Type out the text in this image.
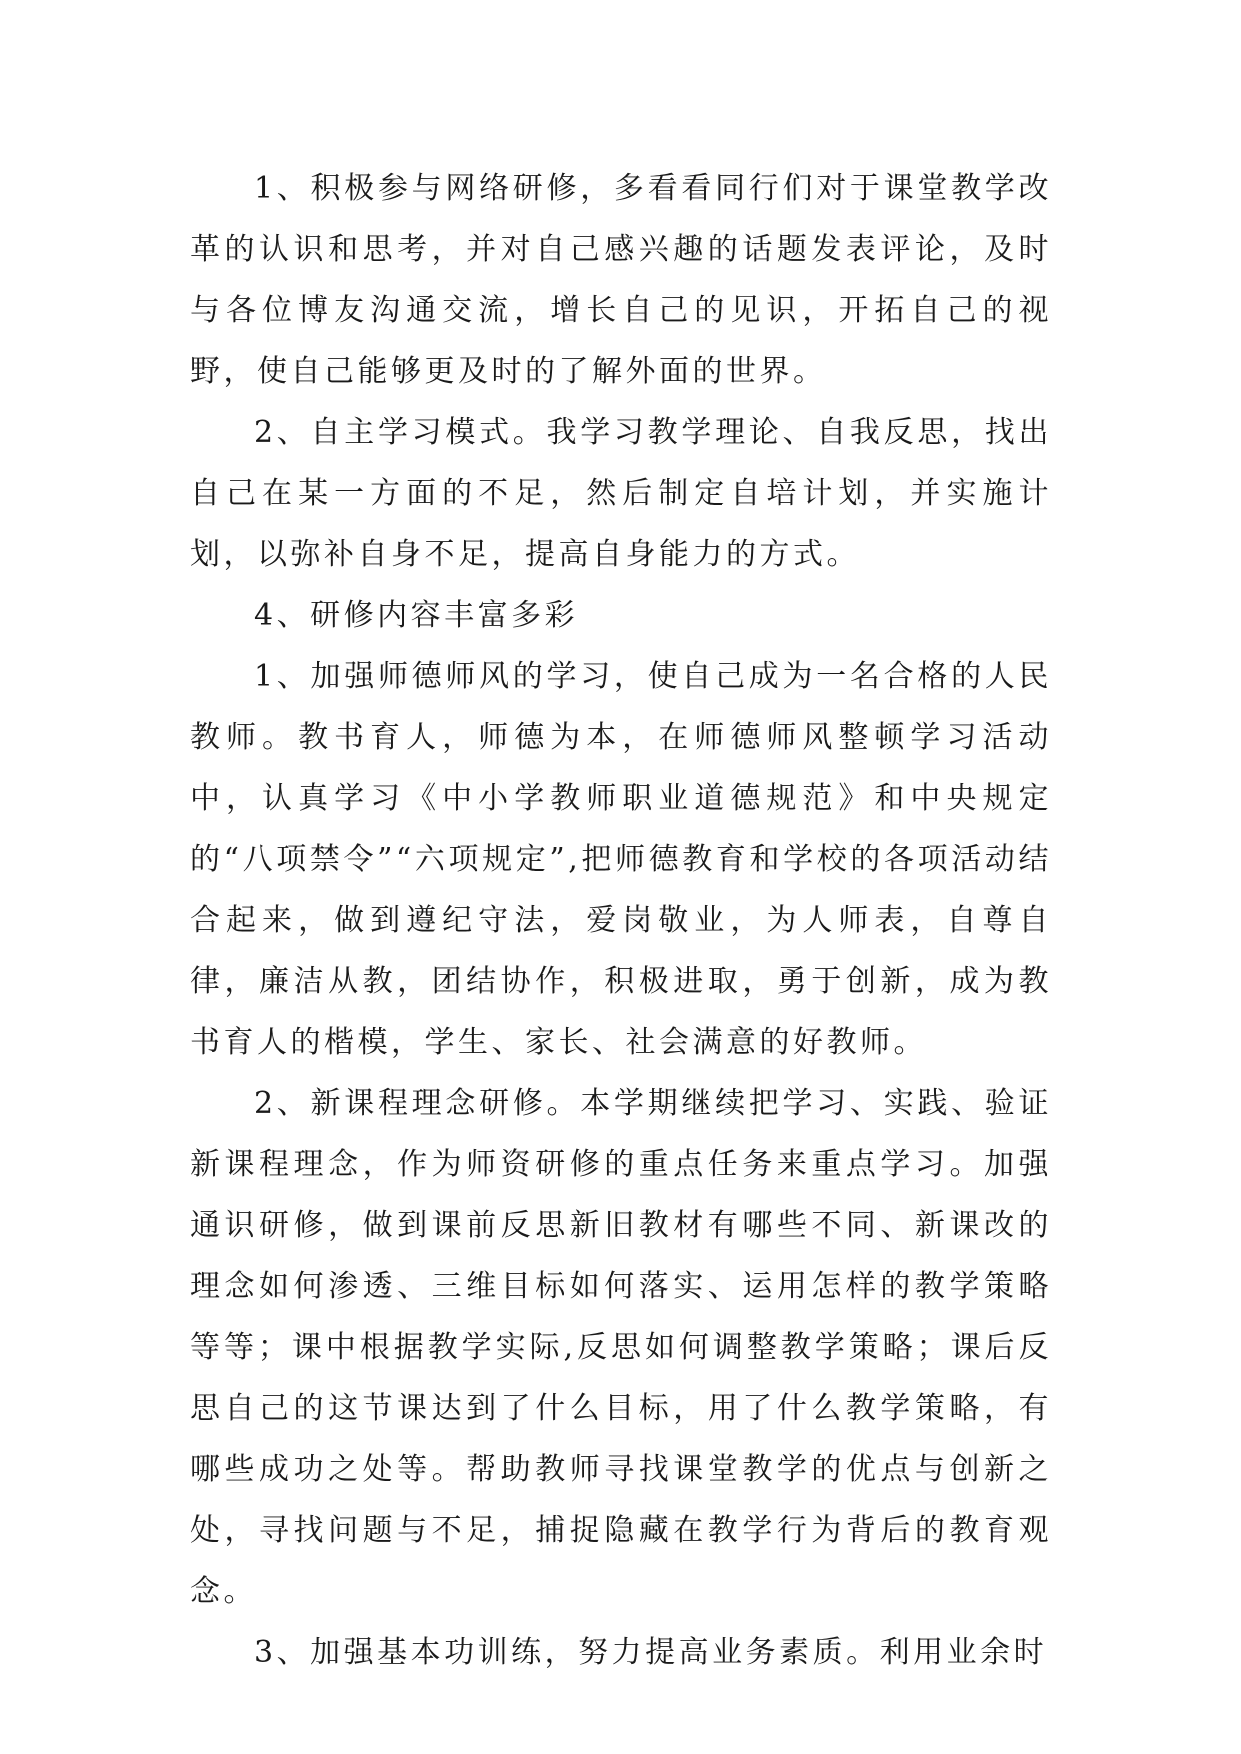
1、积极参与网络研修，多看看同行们对于课堂教学改革的认识和思考，并对自己感兴趣的话题发表评论，及时与各位博友沟通交流，增长自己的见识，开拓自己的视野，使自己能够更及时的了解外面的世界。

2、自主学习模式。我学习教学理论、自我反思，找出自己在某一方面的不足，然后制定自培计划，并实施计划，以弥补自身不足，提高自身能力的方式。

4、研修内容丰富多彩

1、加强师德师风的学习，使自己成为一名合格的人民教师。教书育人，师德为本，在师德师风整顿学习活动中，认真学习《中小学教师职业道德规范》和中央规定的“八项禁令”“六项规定”,把师德教育和学校的各项活动结合起来，做到遵纪守法，爱岗敬业，为人师表，自尊自律，廉洁从教，团结协作，积极进取，勇于创新，成为教书育人的楷模，学生、家长、社会满意的好教师。

2、新课程理念研修。本学期继续把学习、实践、验证新课程理念，作为师资研修的重点任务来重点学习。加强通识研修，做到课前反思新旧教材有哪些不同、新课改的理念如何渗透、三维目标如何落实、运用怎样的教学策略等等；课中根据教学实际,反思如何调整教学策略；课后反思自己的这节课达到了什么目标，用了什么教学策略，有哪些成功之处等。帮助教师寻找课堂教学的优点与创新之处，寻找问题与不足，捕捉隐藏在教学行为背后的教育观念。

3、加强基本功训练，努力提高业务素质。利用业余时
